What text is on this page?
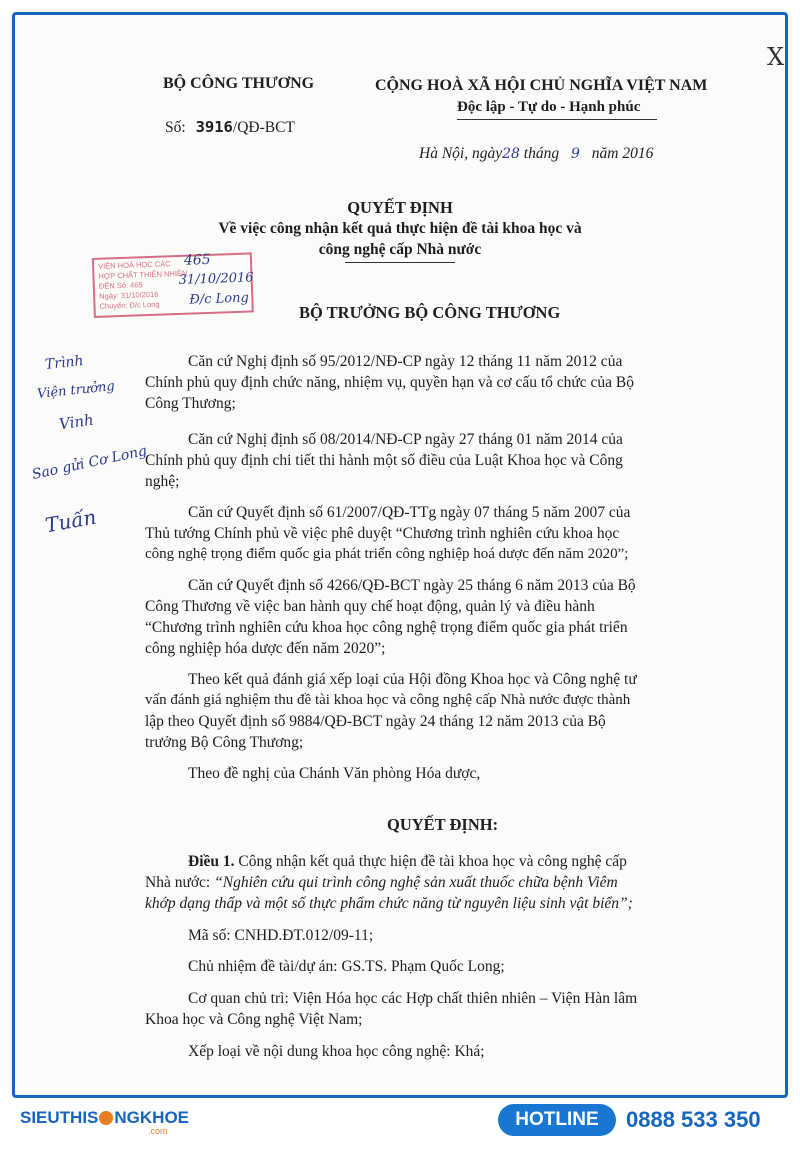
X
BỘ CÔNG THƯƠNG
Số: 3916/QĐ-BCT
CỘNG HOÀ XÃ HỘI CHỦ NGHĨA VIỆT NAM
Độc lập - Tự do - Hạnh phúc
Hà Nội, ngày28 tháng 9 năm 2016
QUYẾT ĐỊNH
Về việc công nhận kết quả thực hiện đề tài khoa học và
công nghệ cấp Nhà nước
BỘ TRƯỞNG BỘ CÔNG THƯƠNG
VIỆN HOÁ HỌC CÁC
HỢP CHẤT THIÊN NHIÊN
ĐẾN Số: 465
Ngày: 31/10/2016
Chuyển: Đ/c Long
465
31/10/2016
Đ/c Long
Trình
Viện trưởng
Vinh
Sao gửi Cơ Long
Tuấn
Căn cứ Nghị định số 95/2012/NĐ-CP ngày 12 tháng 11 năm 2012 của
Chính phủ quy định chức năng, nhiệm vụ, quyền hạn và cơ cấu tổ chức của Bộ
Công Thương;
Căn cứ Nghị định số 08/2014/NĐ-CP ngày 27 tháng 01 năm 2014 của
Chính phủ quy định chi tiết thi hành một số điều của Luật Khoa học và Công
nghệ;
Căn cứ Quyết định số 61/2007/QĐ-TTg ngày 07 tháng 5 năm 2007 của
Thủ tướng Chính phủ về việc phê duyệt “Chương trình nghiên cứu khoa học
công nghệ trọng điểm quốc gia phát triển công nghiệp hoá dược đến năm 2020”;
Căn cứ Quyết định số 4266/QĐ-BCT ngày 25 tháng 6 năm 2013 của Bộ
Công Thương về việc ban hành quy chế hoạt động, quản lý và điều hành
“Chương trình nghiên cứu khoa học công nghệ trọng điểm quốc gia phát triển
công nghiệp hóa dược đến năm 2020”;
Theo kết quả đánh giá xếp loại của Hội đồng Khoa học và Công nghệ tư
vấn đánh giá nghiệm thu đề tài khoa học và công nghệ cấp Nhà nước được thành
lập theo Quyết định số 9884/QĐ-BCT ngày 24 tháng 12 năm 2013 của Bộ
trưởng Bộ Công Thương;
Theo đề nghị của Chánh Văn phòng Hóa dược,
QUYẾT ĐỊNH:
Điều 1. Công nhận kết quả thực hiện đề tài khoa học và công nghệ cấp
Nhà nước: “Nghiên cứu qui trình công nghệ sản xuất thuốc chữa bệnh Viêm
khớp dạng thấp và một số thực phẩm chức năng từ nguyên liệu sinh vật biển”;
Mã số: CNHD.ĐT.012/09-11;
Chủ nhiệm đề tài/dự án: GS.TS. Phạm Quốc Long;
Cơ quan chủ trì: Viện Hóa học các Hợp chất thiên nhiên – Viện Hàn lâm
Khoa học và Công nghệ Việt Nam;
Xếp loại về nội dung khoa học công nghệ: Khá;
SIEUTHIS NGKHOE
.com
HOTLINE	0888 533 350
